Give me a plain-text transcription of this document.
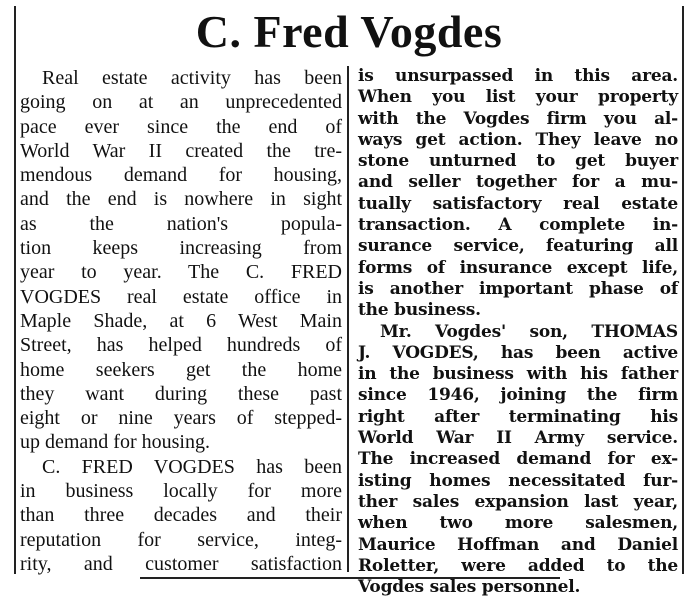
C. Fred Vogdes
Real estate activity has been
going on at an unprecedented
pace ever since the end of
World War II created the tre-
mendous demand for housing,
and the end is nowhere in sight
as the nation's popula-
tion keeps increasing from
year to year. The C. FRED
VOGDES real estate office in
Maple Shade, at 6 West Main
Street, has helped hundreds of
home seekers get the home
they want during these past
eight or nine years of stepped-
up demand for housing.
C. FRED VOGDES has been
in business locally for more
than three decades and their
reputation for service, integ-
rity, and customer satisfaction
is unsurpassed in this area.
When you list your property
with the Vogdes firm you al-
ways get action. They leave no
stone unturned to get buyer
and seller together for a mu-
tually satisfactory real estate
transaction. A complete in-
surance service, featuring all
forms of insurance except life,
is another important phase of
the business.
Mr. Vogdes' son, THOMAS
J. VOGDES, has been active
in the business with his father
since 1946, joining the firm
right after terminating his
World War II Army service.
The increased demand for ex-
isting homes necessitated fur-
ther sales expansion last year,
when two more salesmen,
Maurice Hoffman and Daniel
Roletter, were added to the
Vogdes sales personnel.
